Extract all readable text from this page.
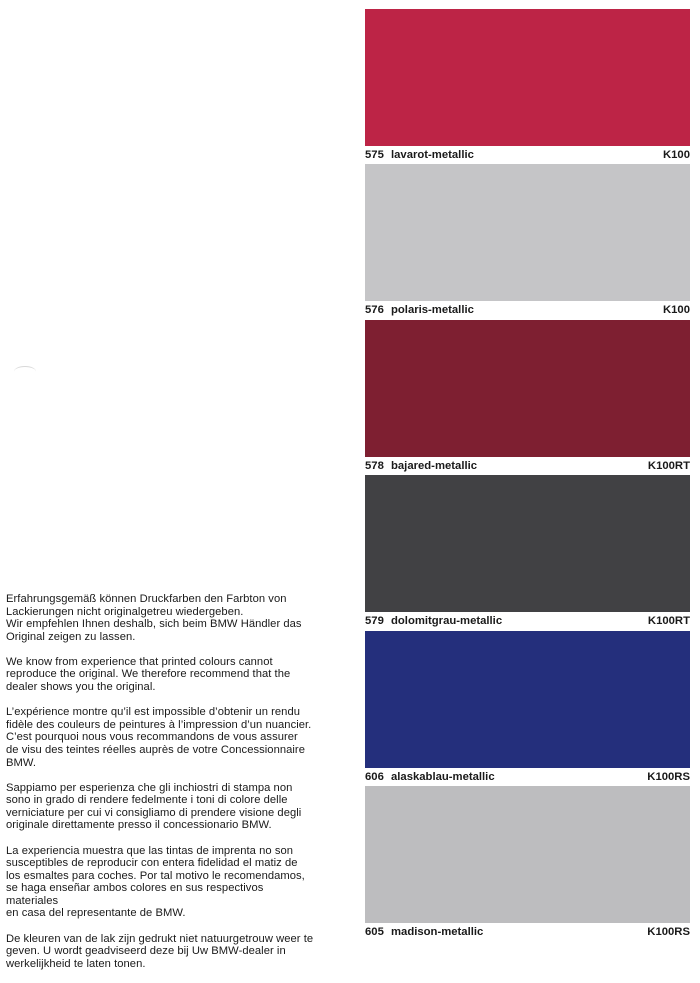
Erfahrungsgemäß können Druckfarben den Farbton von
Lackierungen nicht originalgetreu wiedergeben.
Wir empfehlen Ihnen deshalb, sich beim BMW Händler das
Original zeigen zu lassen.

We know from experience that printed colours cannot
reproduce the original. We therefore recommend that the
dealer shows you the original.

L’expérience montre qu’il est impossible d’obtenir un rendu
fidèle des couleurs de peintures à l’impression d’un nuancier.
C’est pourquoi nous vous recommandons de vous assurer
de visu des teintes réelles auprès de votre Concessionnaire
BMW.

Sappiamo per esperienza che gli inchiostri di stampa non
sono in grado di rendere fedelmente i toni di colore delle
verniciature per cui vi consigliamo di prendere visione degli
originale direttamente presso il concessionario BMW.

La experiencia muestra que las tintas de imprenta no son
susceptibles de reproducir con entera fidelidad el matiz de
los esmaltes para coches. Por tal motivo le recomendamos,
se haga enseñar ambos colores en sus respectivos materiales
en casa del representante de BMW.

De kleuren van de lak zijn gedrukt niet natuurgetrouw weer te
geven. U wordt geadviseerd deze bij Uw BMW-dealer in
werkelijkheid te laten tonen.

575 lavarot-metallic	K100
576 polaris-metallic	K100
578 bajared-metallic	K100RT
579 dolomitgrau-metallic	K100RT
606 alaskablau-metallic	K100RS
605 madison-metallic	K100RS
